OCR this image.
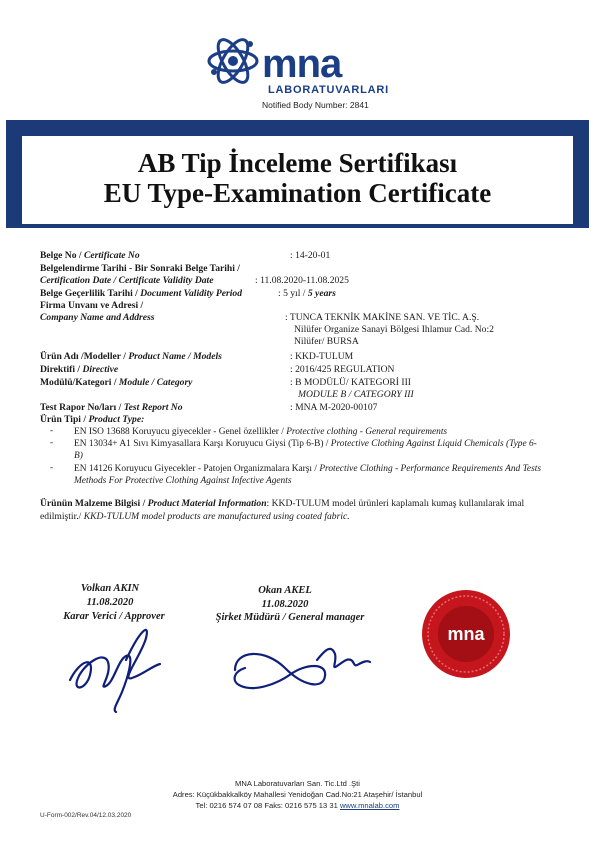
mna
LABORATUVARLARI
Notified Body Number: 2841
AB Tip İnceleme Sertifikası
EU Type-Examination Certificate
Belge No / Certificate No	: 14-20-01
Belgelendirme Tarihi - Bir Sonraki Belge Tarihi /
Certification Date / Certificate Validity Date	: 11.08.2020-11.08.2025
Belge Geçerlilik Tarihi / Document Validity Period	: 5 yıl / 5 years
Firma Unvanı ve Adresi /
Company Name and Address	: TUNCA TEKNİK MAKİNE SAN. VE TİC. A.Ş.
Nilüfer Organize Sanayi Bölgesi Ihlamur Cad. No:2
Nilüfer/ BURSA
Ürün Adı /Modeller / Product Name / Models	: KKD-TULUM
Direktifi / Directive	: 2016/425 REGULATION
Modülü/Kategori / Module / Category	: B MODÜLÜ/ KATEGORİ III
MODULE B / CATEGORY III
Test Rapor No/ları / Test Report No	: MNA M-2020-00107
Ürün Tipi / Product Type:
- EN ISO 13688 Koruyucu giyecekler - Genel özellikler / Protective clothing - General requirements
- EN 13034+ A1 Sıvı Kimyasallara Karşı Koruyucu Giysi (Tip 6-B) / Protective Clothing Against Liquid Chemicals (Type 6-B)
- EN 14126 Koruyucu Giyecekler - Patojen Organizmalara Karşı / Protective Clothing - Performance Requirements And Tests Methods For Protective Clothing Against Infective Agents
Ürünün Malzeme Bilgisi / Product Material Information: KKD-TULUM model ürünleri kaplamalı kumaş kullanılarak imal edilmiştir./ KKD-TULUM model products are manufactured using coated fabric.
Volkan AKIN
11.08.2020
Karar Verici / Approver
Okan AKEL
11.08.2020
Şirket Müdürü / General manager
mna
MNA Laboratuvarları San. Tic.Ltd .Şti
Adres: Küçükbakkalköy Mahallesi Yenidoğan Cad.No:21 Ataşehir/ İstanbul
Tel: 0216 574 07 08 Faks: 0216 575 13 31 www.mnalab.com
U-Form-002/Rev.04/12.03.2020
